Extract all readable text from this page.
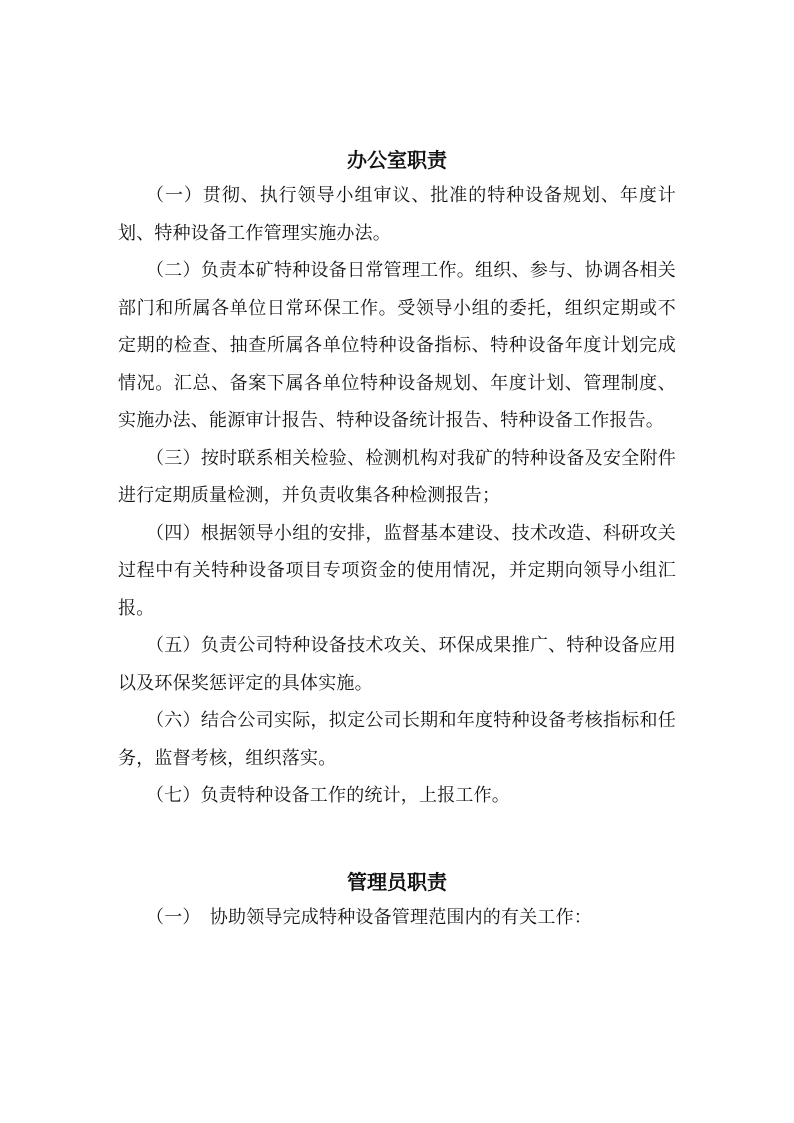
办公室职责

（一）贯彻、执行领导小组审议、批准的特种设备规划、年度计划、特种设备工作管理实施办法。

（二）负责本矿特种设备日常管理工作。组织、参与、协调各相关部门和所属各单位日常环保工作。受领导小组的委托，组织定期或不定期的检查、抽查所属各单位特种设备指标、特种设备年度计划完成情况。汇总、备案下属各单位特种设备规划、年度计划、管理制度、实施办法、能源审计报告、特种设备统计报告、特种设备工作报告。

（三）按时联系相关检验、检测机构对我矿的特种设备及安全附件进行定期质量检测，并负责收集各种检测报告；

（四）根据领导小组的安排，监督基本建设、技术改造、科研攻关过程中有关特种设备项目专项资金的使用情况，并定期向领导小组汇报。

（五）负责公司特种设备技术攻关、环保成果推广、特种设备应用以及环保奖惩评定的具体实施。

（六）结合公司实际，拟定公司长期和年度特种设备考核指标和任务，监督考核，组织落实。

（七）负责特种设备工作的统计，上报工作。

管理员职责

（一）　协助领导完成特种设备管理范围内的有关工作：
